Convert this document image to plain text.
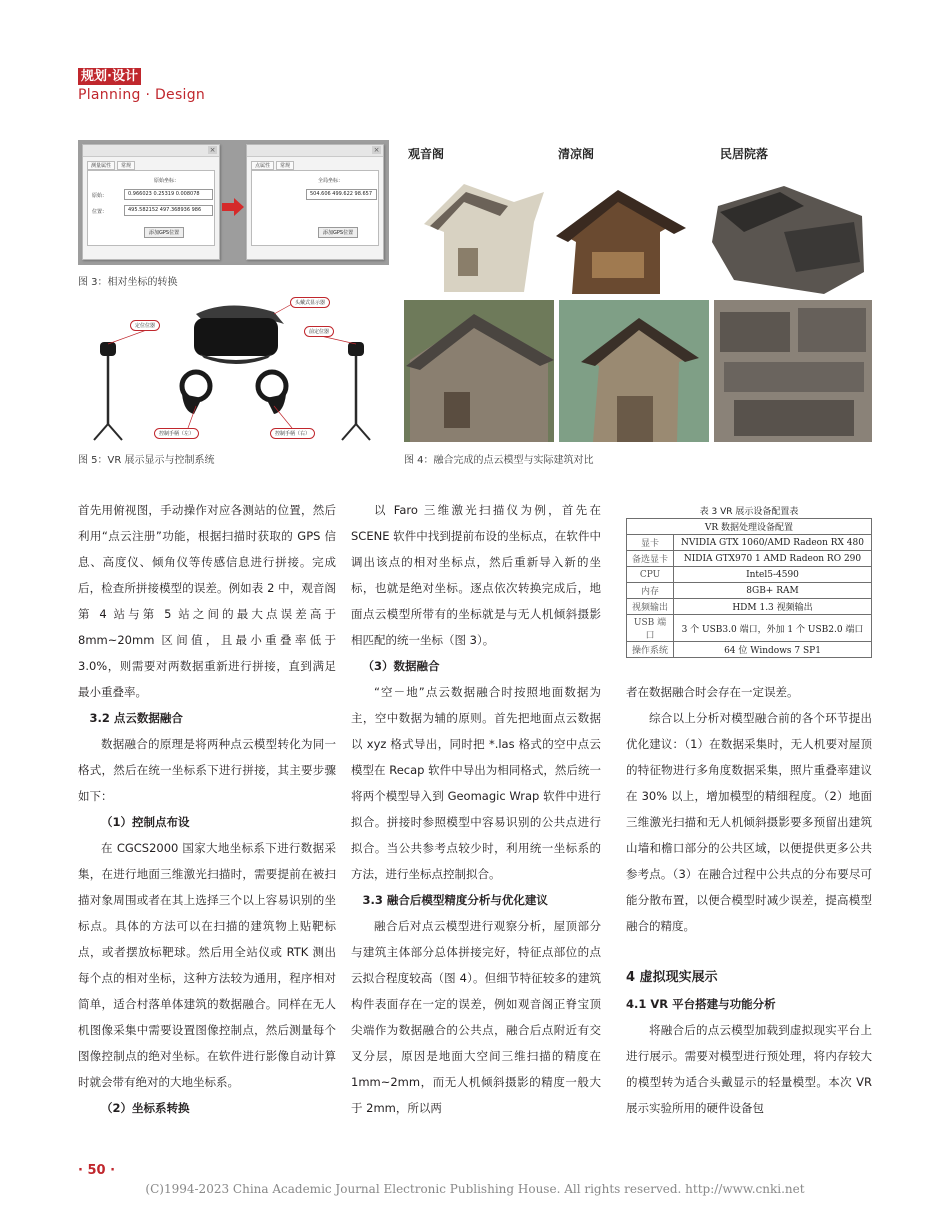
规划·设计
Planning · Design
×
测量属性	常规
原始坐标：
原始：	0.966023 0.25319 0.008078
位置：	495.582152 497.368936 986
添加GPS位置
×
点属性	常规
全局坐标：
504.606 499.622 98.657
添加GPS位置
图 3：相对坐标的转换
头戴式显示器
定位位器
前定位器
控制手柄（左）	控制手柄（右）
图 5：VR 展示显示与控制系统
观音阁	清凉阁	民居院落
图 4：融合完成的点云模型与实际建筑对比

首先用俯视图，手动操作对应各测站的位置，然后利用“点云注册”功能，根据扫描时获取的 GPS 信息、高度仪、倾角仪等传感信息进行拼接。完成后，检查所拼接模型的误差。例如表 2 中，观音阁第 4 站与第 5 站之间的最大点误差高于 8mm~20mm 区间值，且最小重叠率低于 3.0%，则需要对两数据重新进行拼接，直到满足最小重叠率。

3.2 点云数据融合

数据融合的原理是将两种点云模型转化为同一格式，然后在统一坐标系下进行拼接，其主要步骤如下：

（1）控制点布设

在 CGCS2000 国家大地坐标系下进行数据采集，在进行地面三维激光扫描时，需要提前在被扫描对象周围或者在其上选择三个以上容易识别的坐标点。具体的方法可以在扫描的建筑物上贴靶标点，或者摆放标靶球。然后用全站仪或 RTK 测出每个点的相对坐标，这种方法较为通用，程序相对简单，适合村落单体建筑的数据融合。同样在无人机图像采集中需要设置图像控制点，然后测量每个图像控制点的绝对坐标。在软件进行影像自动计算时就会带有绝对的大地坐标系。

（2）坐标系转换

以 Faro 三维激光扫描仪为例，首先在 SCENE 软件中找到提前布设的坐标点，在软件中调出该点的相对坐标点，然后重新导入新的坐标，也就是绝对坐标。逐点依次转换完成后，地面点云模型所带有的坐标就是与无人机倾斜摄影相匹配的统一坐标（图 3）。

（3）数据融合

“空－地”点云数据融合时按照地面数据为主，空中数据为辅的原则。首先把地面点云数据以 xyz 格式导出，同时把 *.las 格式的空中点云模型在 Recap 软件中导出为相同格式，然后统一将两个模型导入到 Geomagic Wrap 软件中进行拟合。拼接时参照模型中容易识别的公共点进行拟合。当公共参考点较少时，利用统一坐标系的方法，进行坐标点控制拟合。

3.3 融合后模型精度分析与优化建议

融合后对点云模型进行观察分析，屋顶部分与建筑主体部分总体拼接完好，特征点部位的点云拟合程度较高（图 4）。但细节特征较多的建筑构件表面存在一定的误差，例如观音阁正脊宝顶尖端作为数据融合的公共点，融合后点附近有交叉分层，原因是地面大空间三维扫描的精度在 1mm~2mm，而无人机倾斜摄影的精度一般大于 2mm，所以两

表 3 VR 展示设备配置表
VR 数据处理设备配置	
显卡	NVIDIA GTX 1060/AMD Radeon RX 480
备选显卡	NIDIA GTX970 1 AMD Radeon RO 290
CPU	Intel5-4590
内存	8GB+ RAM
视频输出	HDM 1.3 视频输出
USB 端口	3 个 USB3.0 端口，外加 1 个 USB2.0 端口
操作系统	64 位 Windows 7 SP1

者在数据融合时会存在一定误差。

综合以上分析对模型融合前的各个环节提出优化建议：（1）在数据采集时，无人机要对屋顶的特征物进行多角度数据采集，照片重叠率建议在 30% 以上，增加模型的精细程度。（2）地面三维激光扫描和无人机倾斜摄影要多预留出建筑山墙和檐口部分的公共区域，以便提供更多公共参考点。（3）在融合过程中公共点的分布要尽可能分散布置，以便合模型时减少误差，提高模型融合的精度。

4 虚拟现实展示

4.1 VR 平台搭建与功能分析

将融合后的点云模型加载到虚拟现实平台上进行展示。需要对模型进行预处理，将内存较大的模型转为适合头戴显示的轻量模型。本次 VR 展示实验所用的硬件设备包

· 50 ·
(C)1994-2023 China Academic Journal Electronic Publishing House. All rights reserved. http://www.cnki.net
